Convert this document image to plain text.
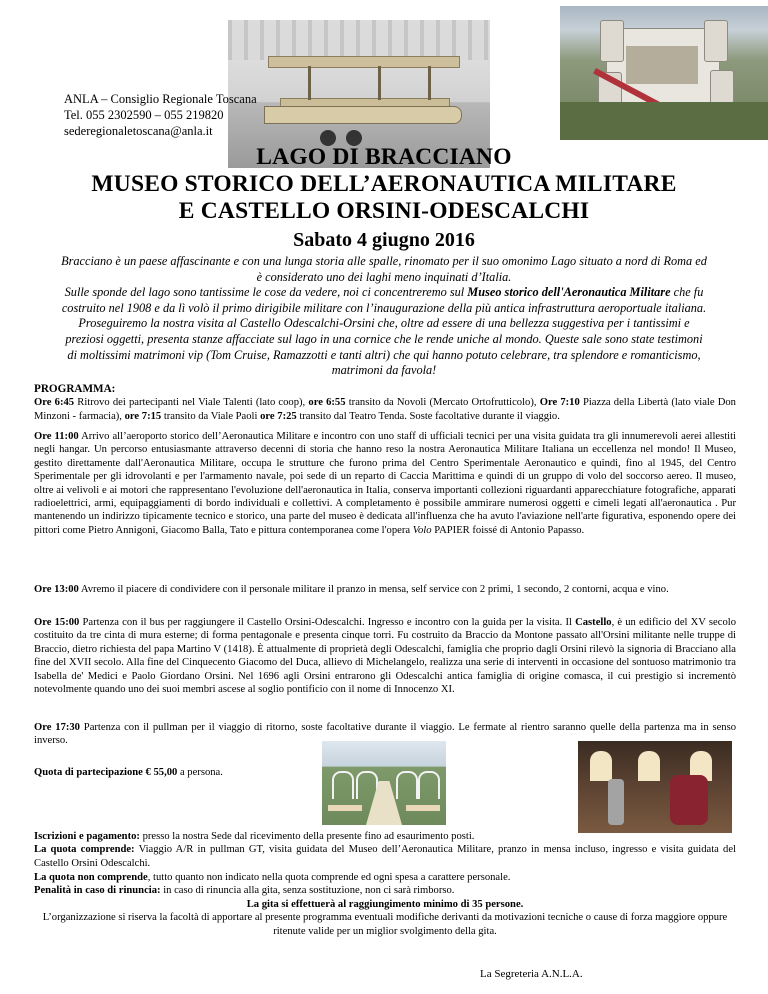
ANLA – Consiglio Regionale Toscana
Tel. 055 2302590 – 055 219820
sederegionaletoscana@anla.it
LAGO DI BRACCIANO
MUSEO STORICO DELL’AERONAUTICA MILITARE
E CASTELLO ORSINI-ODESCALCHI
Sabato 4 giugno 2016
Bracciano è un paese affascinante e con una lunga storia alle spalle, rinomato per il suo omonimo Lago situato a nord di Roma ed è considerato uno dei laghi meno inquinati d’Italia.
Sulle sponde del lago sono tantissime le cose da vedere, noi ci concentreremo sul Museo storico dell'Aeronautica Militare che fu costruito nel 1908 e da lì volò il primo dirigibile militare con l’inaugurazione della più antica infrastruttura aeroportuale italiana.
Proseguiremo la nostra visita al Castello Odescalchi-Orsini che, oltre ad essere di una bellezza suggestiva per i tantissimi e preziosi oggetti, presenta stanze affacciate sul lago in una cornice che le rende uniche al mondo. Queste sale sono state testimoni di moltissimi matrimoni vip (Tom Cruise, Ramazzotti e tanti altri) che qui hanno potuto celebrare, tra splendore e romanticismo, matrimoni da favola!
PROGRAMMA:

Ore 6:45 Ritrovo dei partecipanti nel Viale Talenti (lato coop), ore 6:55 transito da Novoli (Mercato Ortofrutticolo), Ore 7:10 Piazza della Libertà (lato viale Don Minzoni - farmacia), ore 7:15 transito da Viale Paoli ore 7:25 transito dal Teatro Tenda. Soste facoltative durante il viaggio.

Ore 11:00 Arrivo all’aeroporto storico dell’Aeronautica Militare e incontro con uno staff di ufficiali tecnici per una visita guidata tra gli innumerevoli aerei allestiti negli hangar. Un percorso entusiasmante attraverso decenni di storia che hanno reso la nostra Aeronautica Militare Italiana un eccellenza nel mondo! Il Museo, gestito direttamente dall'Aeronautica Militare, occupa le strutture che furono prima del Centro Sperimentale Aeronautico e quindi, fino al 1945, del Centro Sperimentale per gli idrovolanti e per l'armamento navale, poi sede di un reparto di Caccia Marittima e quindi di un gruppo di volo del soccorso aereo. Il museo, oltre ai velivoli e ai motori che rappresentano l'evoluzione dell'aeronautica in Italia, conserva importanti collezioni riguardanti apparecchiature fotografiche, apparati radioelettrici, armi, equipaggiamenti di bordo individuali e collettivi. A completamento è possibile ammirare numerosi oggetti e cimeli legati all'aeronautica . Pur mantenendo un indirizzo tipicamente tecnico e storico, una parte del museo è dedicata all'influenza che ha avuto l'aviazione nell'arte figurativa, esponendo opere dei pittori come Pietro Annigoni, Giacomo Balla, Tato e pittura contemporanea come l'opera Volo PAPIER foissé di Antonio Papasso.

Ore 13:00 Avremo il piacere di condividere con il personale militare il pranzo in mensa, self service con 2 primi, 1 secondo, 2 contorni, acqua e vino.

Ore 15:00 Partenza con il bus per raggiungere il Castello Orsini-Odescalchi. Ingresso e incontro con la guida per la visita. Il Castello, è un edificio del XV secolo costituito da tre cinta di mura esterne; di forma pentagonale e presenta cinque torri. Fu costruito da Braccio da Montone passato all'Orsini militante nelle truppe di Braccio, dietro richiesta del papa Martino V (1418). È attualmente di proprietà degli Odescalchi, famiglia che proprio dagli Orsini rilevò la signoria di Bracciano alla fine del XVII secolo. Alla fine del Cinquecento Giacomo del Duca, allievo di Michelangelo, realizza una serie di interventi in occasione del sontuoso matrimonio tra Isabella de' Medici e Paolo Giordano Orsini. Nel 1696 agli Orsini entrarono gli Odescalchi antica famiglia di origine comasca, il cui prestigio si incrementò notevolmente quando uno dei suoi membri ascese al soglio pontificio con il nome di Innocenzo XI.

Ore 17:30 Partenza con il pullman per il viaggio di ritorno, soste facoltative durante il viaggio. Le fermate al rientro saranno quelle della partenza ma in senso inverso.

Quota di partecipazione € 55,00 a persona.

Iscrizioni e pagamento: presso la nostra Sede dal ricevimento della presente fino ad esaurimento posti.

La quota comprende: Viaggio A/R in pullman GT, visita guidata del Museo dell’Aeronautica Militare, pranzo in mensa incluso, ingresso e visita guidata del Castello Orsini Odescalchi.

La quota non comprende, tutto quanto non indicato nella quota comprende ed ogni spesa a carattere personale.

Penalità in caso di rinuncia: in caso di rinuncia alla gita, senza sostituzione, non ci sarà rimborso.

La gita si effettuerà al raggiungimento minimo di 35 persone.

L’organizzazione si riserva la facoltà di apportare al presente programma eventuali modifiche derivanti da motivazioni tecniche o cause di forza maggiore oppure ritenute valide per un miglior svolgimento della gita.

La Segreteria A.N.L.A.
